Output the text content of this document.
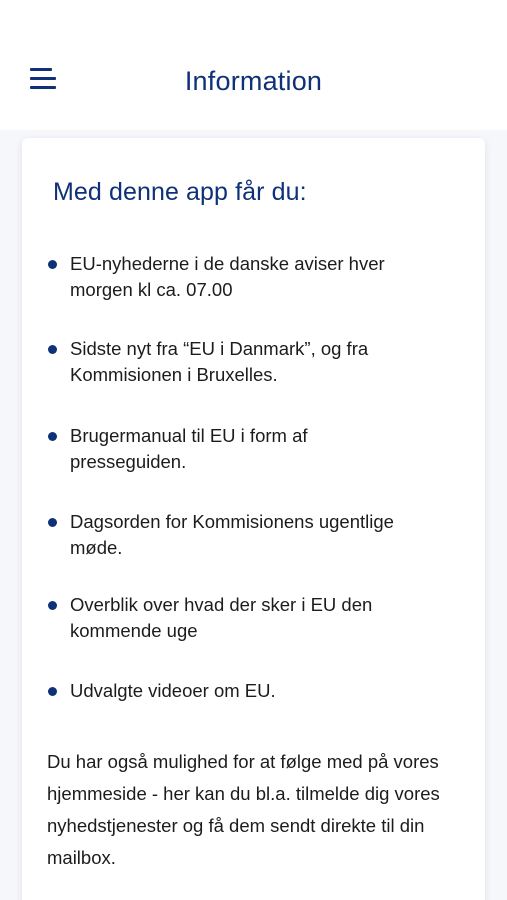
Information
Med denne app får du:
EU-nyhederne i de danske aviser hver morgen kl ca. 07.00
Sidste nyt fra “EU i Danmark”, og fra Kommisionen i Bruxelles.
Brugermanual til EU i form af presseguiden.
Dagsorden for Kommisionens ugentlige møde.
Overblik over hvad der sker i EU den kommende uge
Udvalgte videoer om EU.

Du har også mulighed for at følge med på vores hjemmeside - her kan du bl.a. tilmelde dig vores nyhedstjenester og få dem sendt direkte til din mailbox.
